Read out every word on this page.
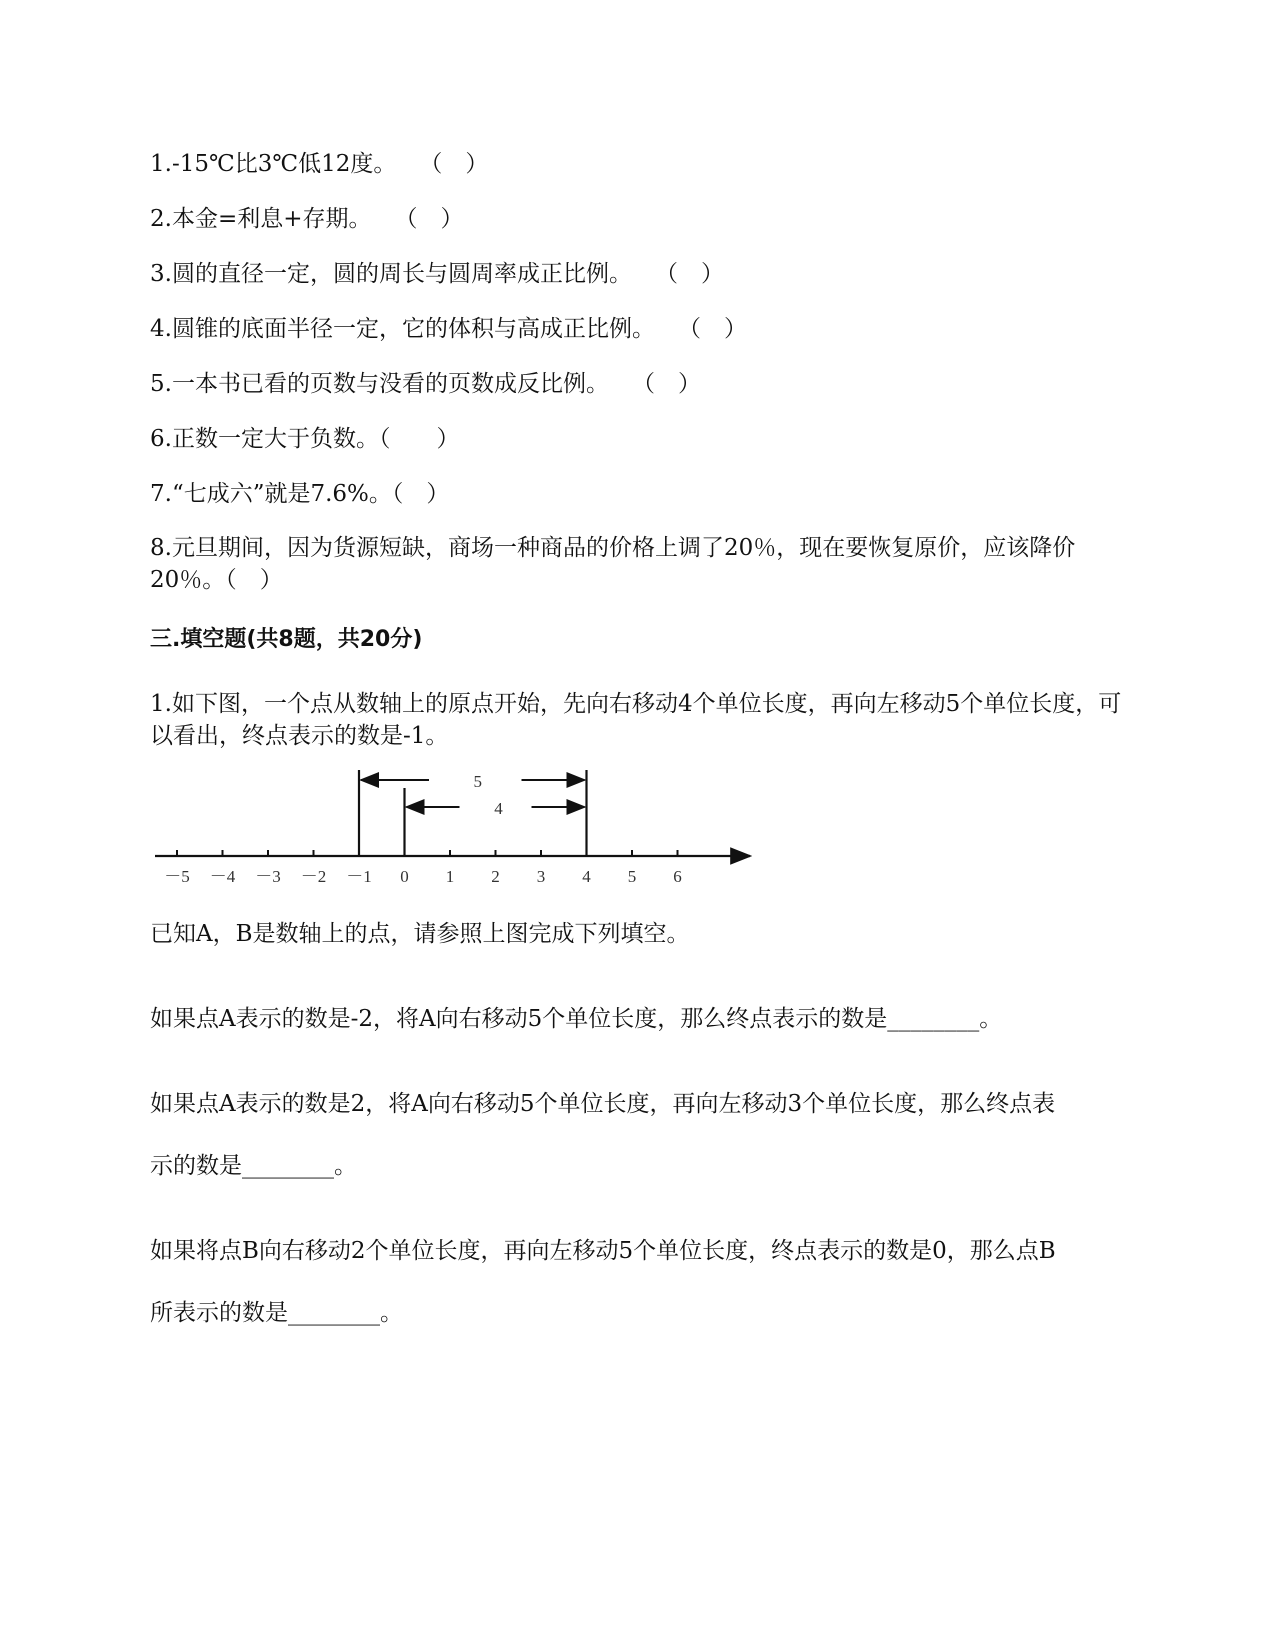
1.-15℃比3℃低12度。　　（　）
2.本金=利息+存期。　　（　）
3.圆的直径一定，圆的周长与圆周率成正比例。　　（　）
4.圆锥的底面半径一定，它的体积与高成正比例。　　（　）
5.一本书已看的页数与没看的页数成反比例。　　（　）
6.正数一定大于负数。（　　）
7.“七成六”就是7.6%。（　）
8.元旦期间，因为货源短缺，商场一种商品的价格上调了20％，现在要恢复原价，应该降价20％。（　）
三.填空题(共8题，共20分)
1.如下图，一个点从数轴上的原点开始，先向右移动4个单位长度，再向左移动5个单位长度，可以看出，终点表示的数是-1。
－5 －4 －3 －2 －1 0 1 2 3 4 5 6
5
4
已知A，B是数轴上的点，请参照上图完成下列填空。
如果点A表示的数是-2，将A向右移动5个单位长度，那么终点表示的数是________。
如果点A表示的数是2，将A向右移动5个单位长度，再向左移动3个单位长度，那么终点表
示的数是________。
如果将点B向右移动2个单位长度，再向左移动5个单位长度，终点表示的数是0，那么点B
所表示的数是________。
